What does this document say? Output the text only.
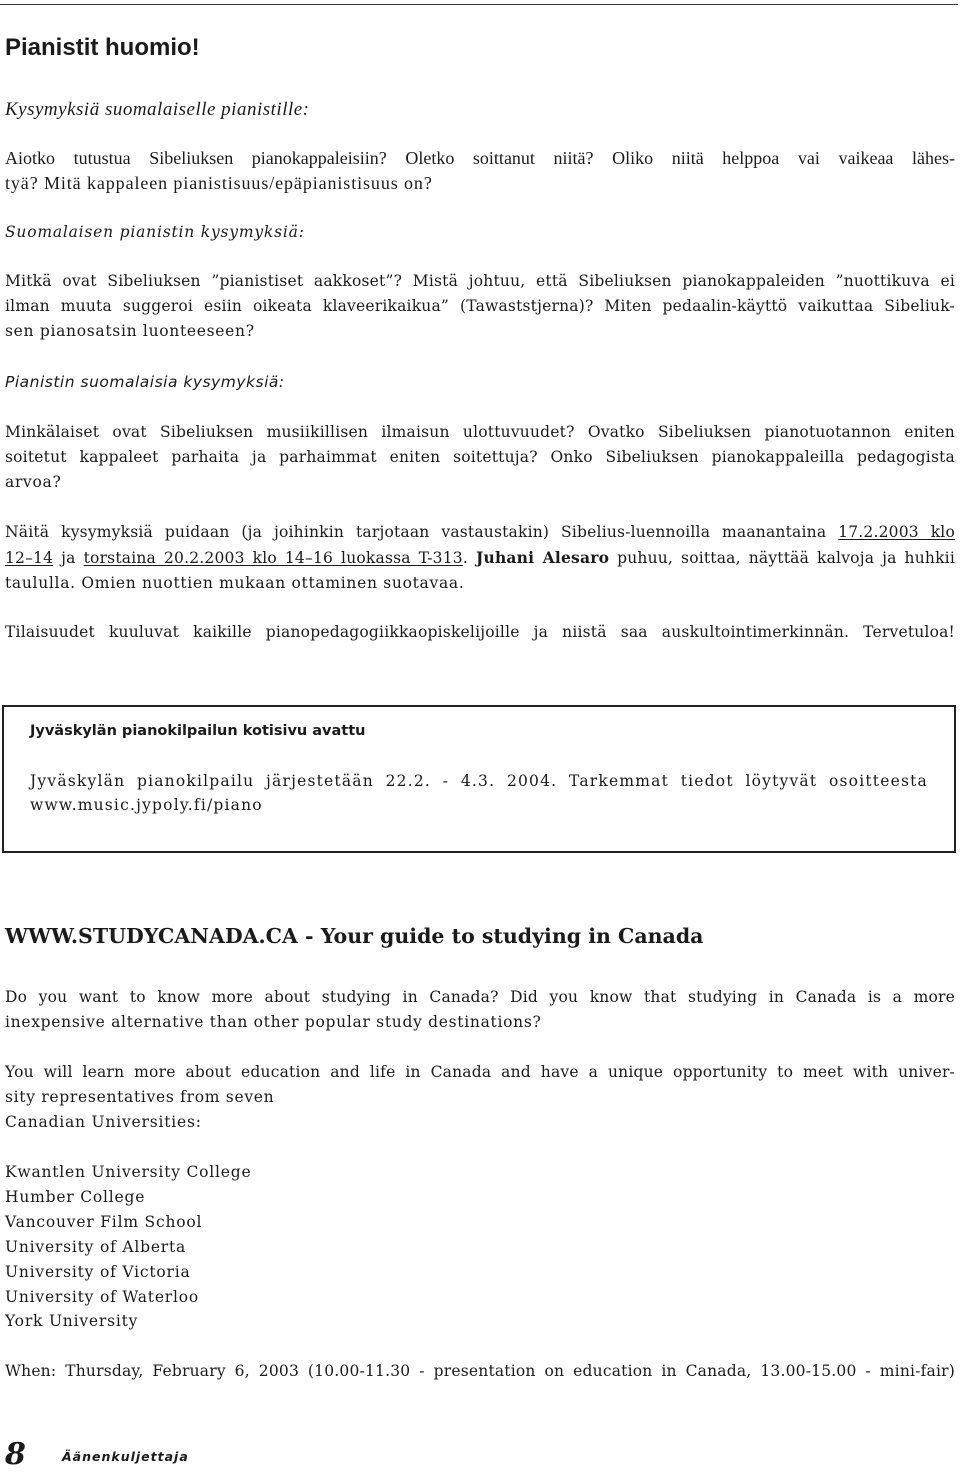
Pianistit huomio!
Kysymyksiä suomalaiselle pianistille:
Aiotko tutustua Sibeliuksen pianokappaleisiin? Oletko soittanut niitä? Oliko niitä helppoa vai vaikeaa lähes-
tyä? Mitä kappaleen pianistisuus/epäpianistisuus on?
Suomalaisen pianistin kysymyksiä:
Mitkä ovat Sibeliuksen ”pianistiset aakkoset”? Mistä johtuu, että Sibeliuksen pianokappaleiden ”nuottikuva ei
ilman muuta suggeroi esiin oikeata klaveerikaikua” (Tawaststjerna)? Miten pedaalin-käyttö vaikuttaa Sibeliuk-
sen pianosatsin luonteeseen?
Pianistin suomalaisia kysymyksiä:
Minkälaiset ovat Sibeliuksen musiikillisen ilmaisun ulottuvuudet? Ovatko Sibeliuksen pianotuotannon eniten
soitetut kappaleet parhaita ja parhaimmat eniten soitettuja? Onko Sibeliuksen pianokappaleilla pedagogista
arvoa?
Näitä kysymyksiä puidaan (ja joihinkin tarjotaan vastaustakin) Sibelius-luennoilla maanantaina 17.2.2003 klo
12–14 ja torstaina 20.2.2003 klo 14–16 luokassa T-313. Juhani Alesaro puhuu, soittaa, näyttää kalvoja ja huhkii
taululla. Omien nuottien mukaan ottaminen suotavaa.
Tilaisuudet kuuluvat kaikille pianopedagogiikkaopiskelijoille ja niistä saa auskultointimerkinnän. Tervetuloa!
Jyväskylän pianokilpailun kotisivu avattu
Jyväskylän pianokilpailu järjestetään 22.2. - 4.3. 2004. Tarkemmat tiedot löytyvät osoitteesta
www.music.jypoly.fi/piano
WWW.STUDYCANADA.CA - Your guide to studying in Canada
Do you want to know more about studying in Canada? Did you know that studying in Canada is a more
inexpensive alternative than other popular study destinations?
You will learn more about education and life in Canada and have a unique opportunity to meet with univer-
sity representatives from seven
Canadian Universities:
Kwantlen University College
Humber College
Vancouver Film School
University of Alberta
University of Victoria
University of Waterloo
York University
When: Thursday, February 6, 2003 (10.00-11.30 - presentation on education in Canada, 13.00-15.00 - mini-fair)
8	Äänenkuljettaja
